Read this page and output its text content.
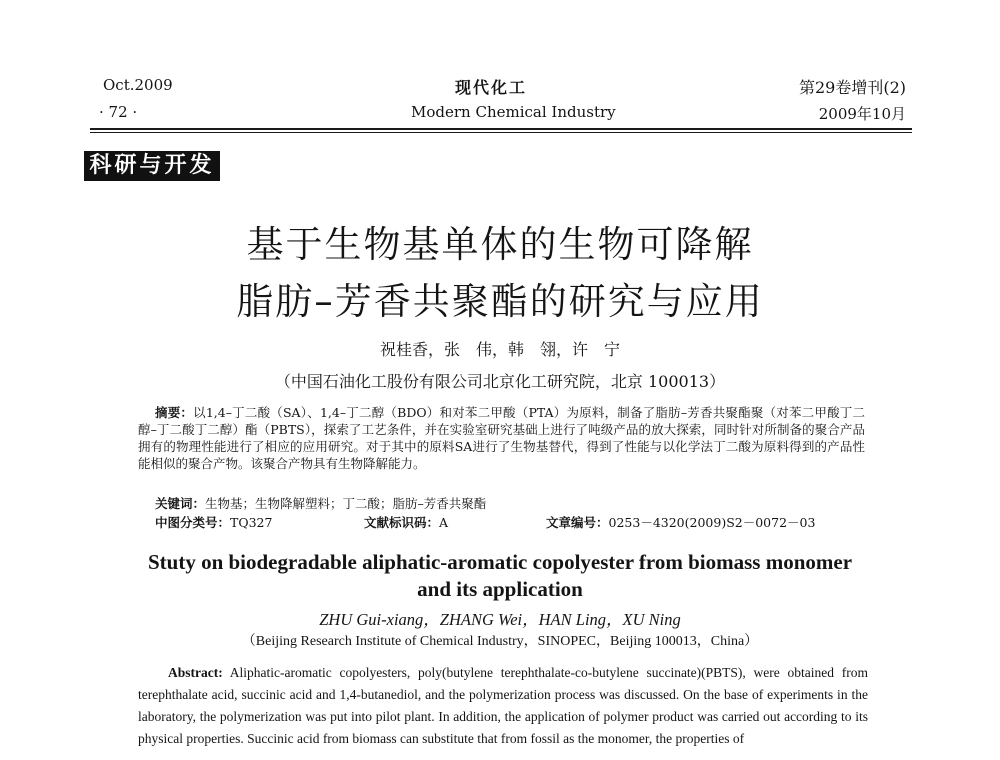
Oct.2009
· 72 ·
现代化工
Modern Chemical Industry
第29卷增刊(2)
2009年10月
科研与开发
基于生物基单体的生物可降解
脂肪–芳香共聚酯的研究与应用
祝桂香，张　伟，韩　翎，许　宁
（中国石油化工股份有限公司北京化工研究院，北京 100013）
摘要：以1,4–丁二酸（SA）、1,4–丁二醇（BDO）和对苯二甲酸（PTA）为原料，制备了脂肪–芳香共聚酯聚（对苯二甲酸丁二醇–丁二酸丁二醇）酯（PBTS），探索了工艺条件，并在实验室研究基础上进行了吨级产品的放大探索，同时针对所制备的聚合产品拥有的物理性能进行了相应的应用研究。对于其中的原料SA进行了生物基替代，得到了性能与以化学法丁二酸为原料得到的产品性能相似的聚合产物。该聚合产物具有生物降解能力。
关键词：生物基；生物降解塑料；丁二酸；脂肪–芳香共聚酯
中图分类号：TQ327	文献标识码：A	文章编号：0253－4320(2009)S2－0072－03
Stuty on biodegradable aliphatic-aromatic copolyester from biomass monomer
and its application
ZHU Gui-xiang，ZHANG Wei，HAN Ling，XU Ning
（Beijing Research Institute of Chemical Industry，SINOPEC，Beijing 100013，China）
Abstract: Aliphatic-aromatic copolyesters, poly(butylene terephthalate-co-butylene succinate)(PBTS), were obtained from terephthalate acid, succinic acid and 1,4-butanediol, and the polymerization process was discussed. On the base of experiments in the laboratory, the polymerization was put into pilot plant. In addition, the application of polymer product was carried out according to its physical properties. Succinic acid from biomass can substitute that from fossil as the monomer, the properties of
